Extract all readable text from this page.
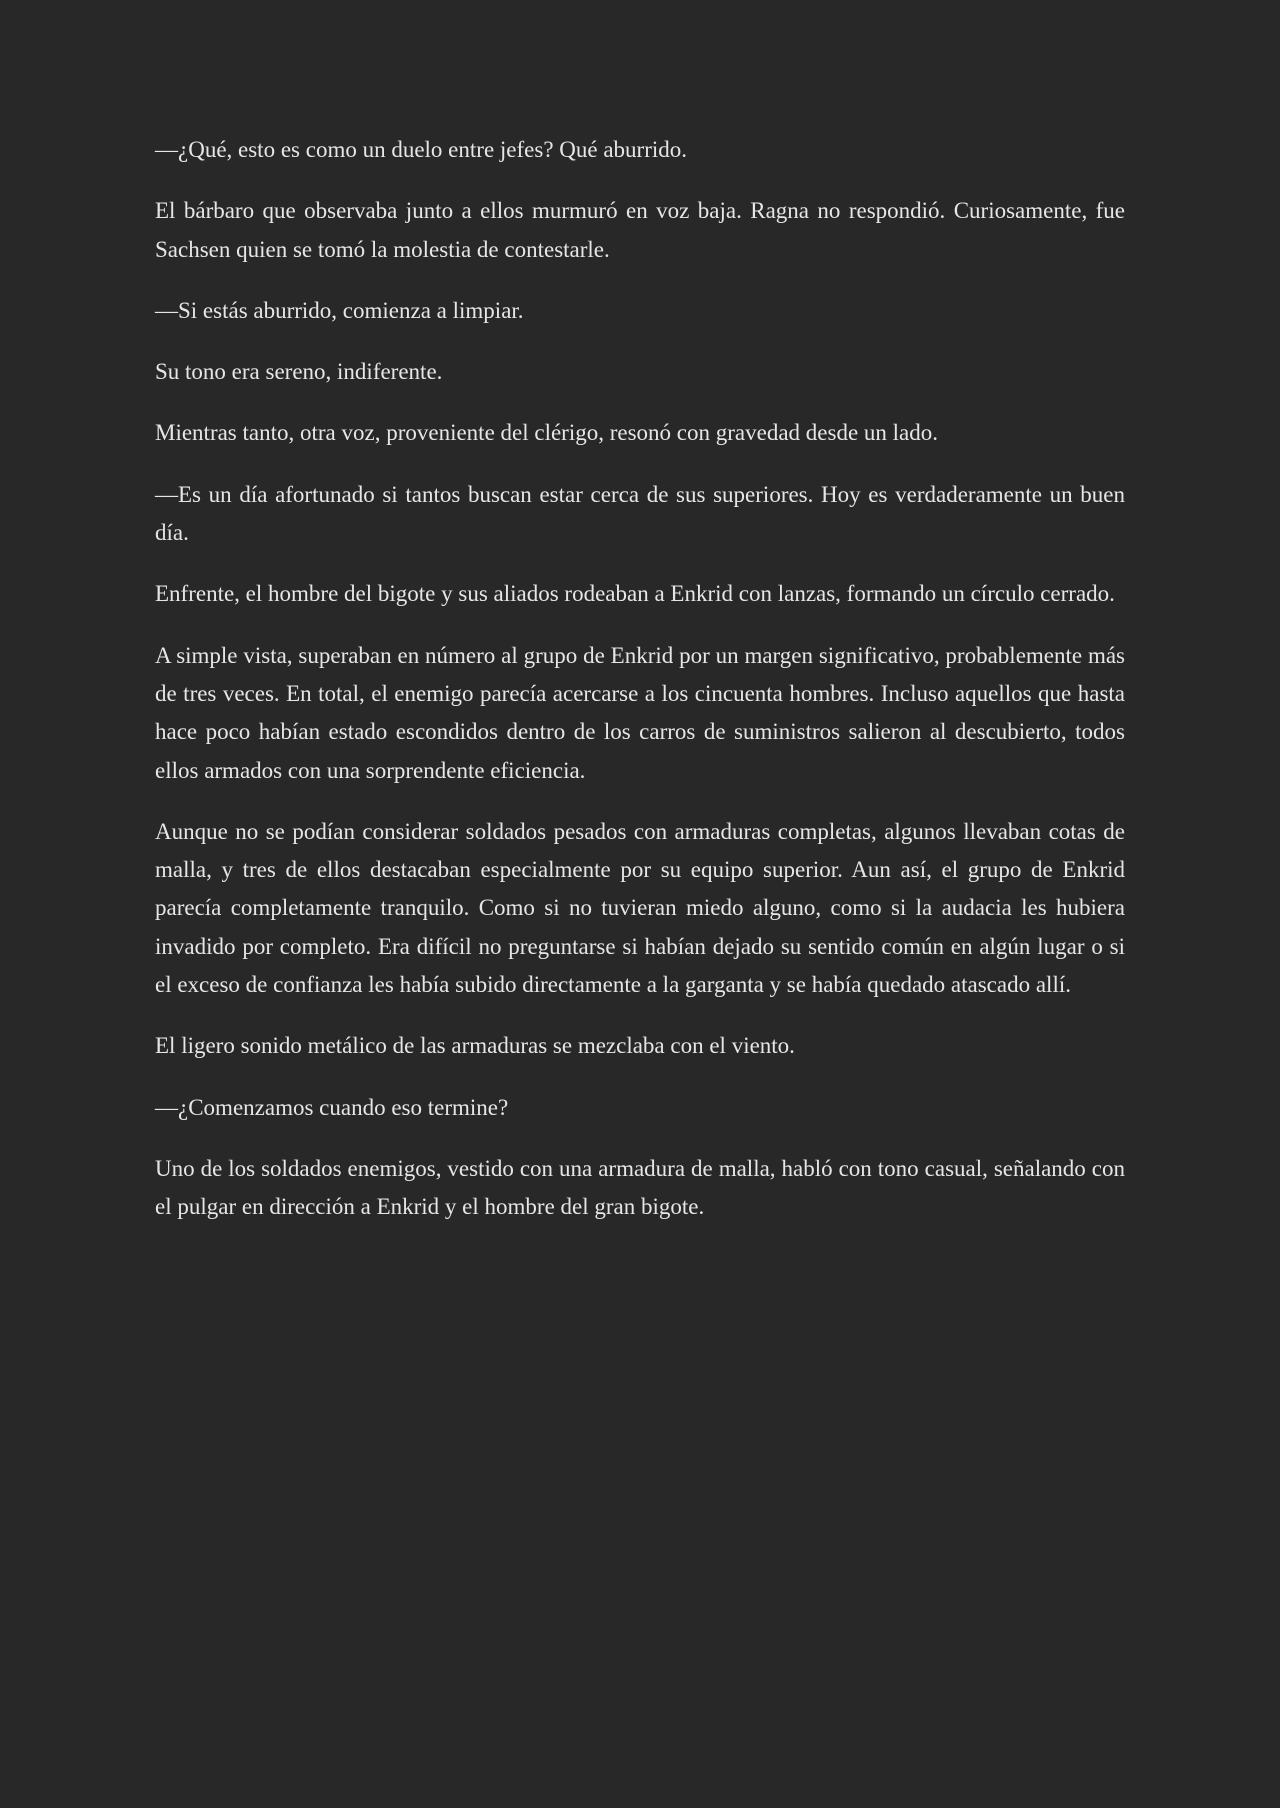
—¿Qué, esto es como un duelo entre jefes? Qué aburrido.

El bárbaro que observaba junto a ellos murmuró en voz baja. Ragna no respondió. Curiosamente, fue Sachsen quien se tomó la molestia de contestarle.

—Si estás aburrido, comienza a limpiar.

Su tono era sereno, indiferente.

Mientras tanto, otra voz, proveniente del clérigo, resonó con gravedad desde un lado.

—Es un día afortunado si tantos buscan estar cerca de sus superiores. Hoy es verdaderamente un buen día.

Enfrente, el hombre del bigote y sus aliados rodeaban a Enkrid con lanzas, formando un círculo cerrado.

A simple vista, superaban en número al grupo de Enkrid por un margen significativo, probablemente más de tres veces. En total, el enemigo parecía acercarse a los cincuenta hombres. Incluso aquellos que hasta hace poco habían estado escondidos dentro de los carros de suministros salieron al descubierto, todos ellos armados con una sorprendente eficiencia.

Aunque no se podían considerar soldados pesados con armaduras completas, algunos llevaban cotas de malla, y tres de ellos destacaban especialmente por su equipo superior. Aun así, el grupo de Enkrid parecía completamente tranquilo. Como si no tuvieran miedo alguno, como si la audacia les hubiera invadido por completo. Era difícil no preguntarse si habían dejado su sentido común en algún lugar o si el exceso de confianza les había subido directamente a la garganta y se había quedado atascado allí.

El ligero sonido metálico de las armaduras se mezclaba con el viento.

—¿Comenzamos cuando eso termine?

Uno de los soldados enemigos, vestido con una armadura de malla, habló con tono casual, señalando con el pulgar en dirección a Enkrid y el hombre del gran bigote.
